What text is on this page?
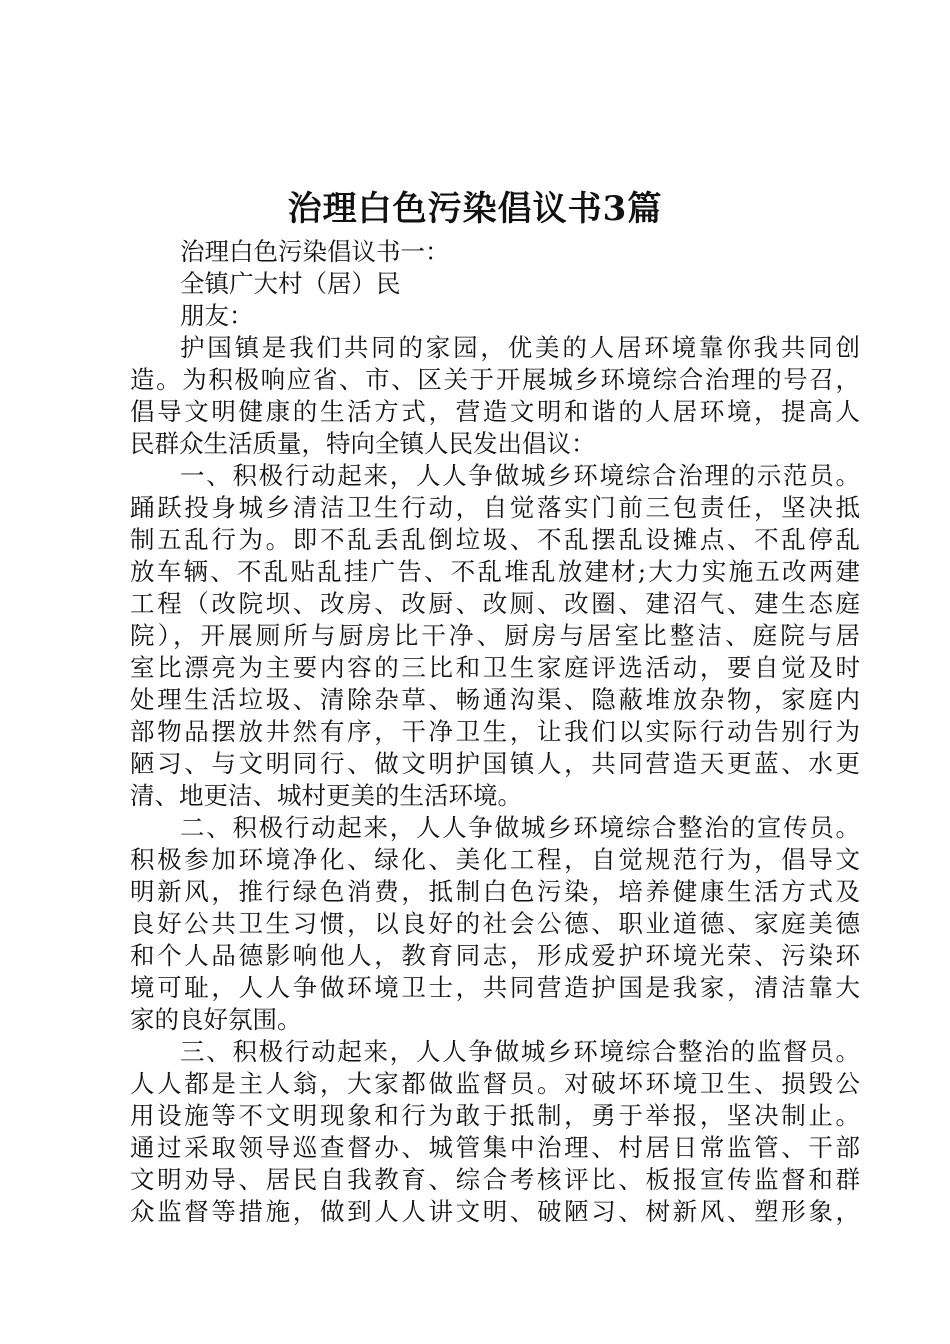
治理白色污染倡议书3篇
治理白色污染倡议书一：
全镇广大村（居）民
朋友：
护国镇是我们共同的家园，优美的人居环境靠你我共同创
造。为积极响应省、市、区关于开展城乡环境综合治理的号召，
倡导文明健康的生活方式，营造文明和谐的人居环境，提高人
民群众生活质量，特向全镇人民发出倡议：
一、积极行动起来，人人争做城乡环境综合治理的示范员。
踊跃投身城乡清洁卫生行动，自觉落实门前三包责任，坚决抵
制五乱行为。即不乱丢乱倒垃圾、不乱摆乱设摊点、不乱停乱
放车辆、不乱贴乱挂广告、不乱堆乱放建材;大力实施五改两建
工程（改院坝、改房、改厨、改厕、改圈、建沼气、建生态庭
院），开展厕所与厨房比干净、厨房与居室比整洁、庭院与居
室比漂亮为主要内容的三比和卫生家庭评选活动，要自觉及时
处理生活垃圾、清除杂草、畅通沟渠、隐蔽堆放杂物，家庭内
部物品摆放井然有序，干净卫生，让我们以实际行动告别行为
陋习、与文明同行、做文明护国镇人，共同营造天更蓝、水更
清、地更洁、城村更美的生活环境。
二、积极行动起来，人人争做城乡环境综合整治的宣传员。
积极参加环境净化、绿化、美化工程，自觉规范行为，倡导文
明新风，推行绿色消费，抵制白色污染，培养健康生活方式及
良好公共卫生习惯，以良好的社会公德、职业道德、家庭美德
和个人品德影响他人，教育同志，形成爱护环境光荣、污染环
境可耻，人人争做环境卫士，共同营造护国是我家，清洁靠大
家的良好氛围。
三、积极行动起来，人人争做城乡环境综合整治的监督员。
人人都是主人翁，大家都做监督员。对破坏环境卫生、损毁公
用设施等不文明现象和行为敢于抵制，勇于举报，坚决制止。
通过采取领导巡查督办、城管集中治理、村居日常监管、干部
文明劝导、居民自我教育、综合考核评比、板报宣传监督和群
众监督等措施，做到人人讲文明、破陋习、树新风、塑形象，
